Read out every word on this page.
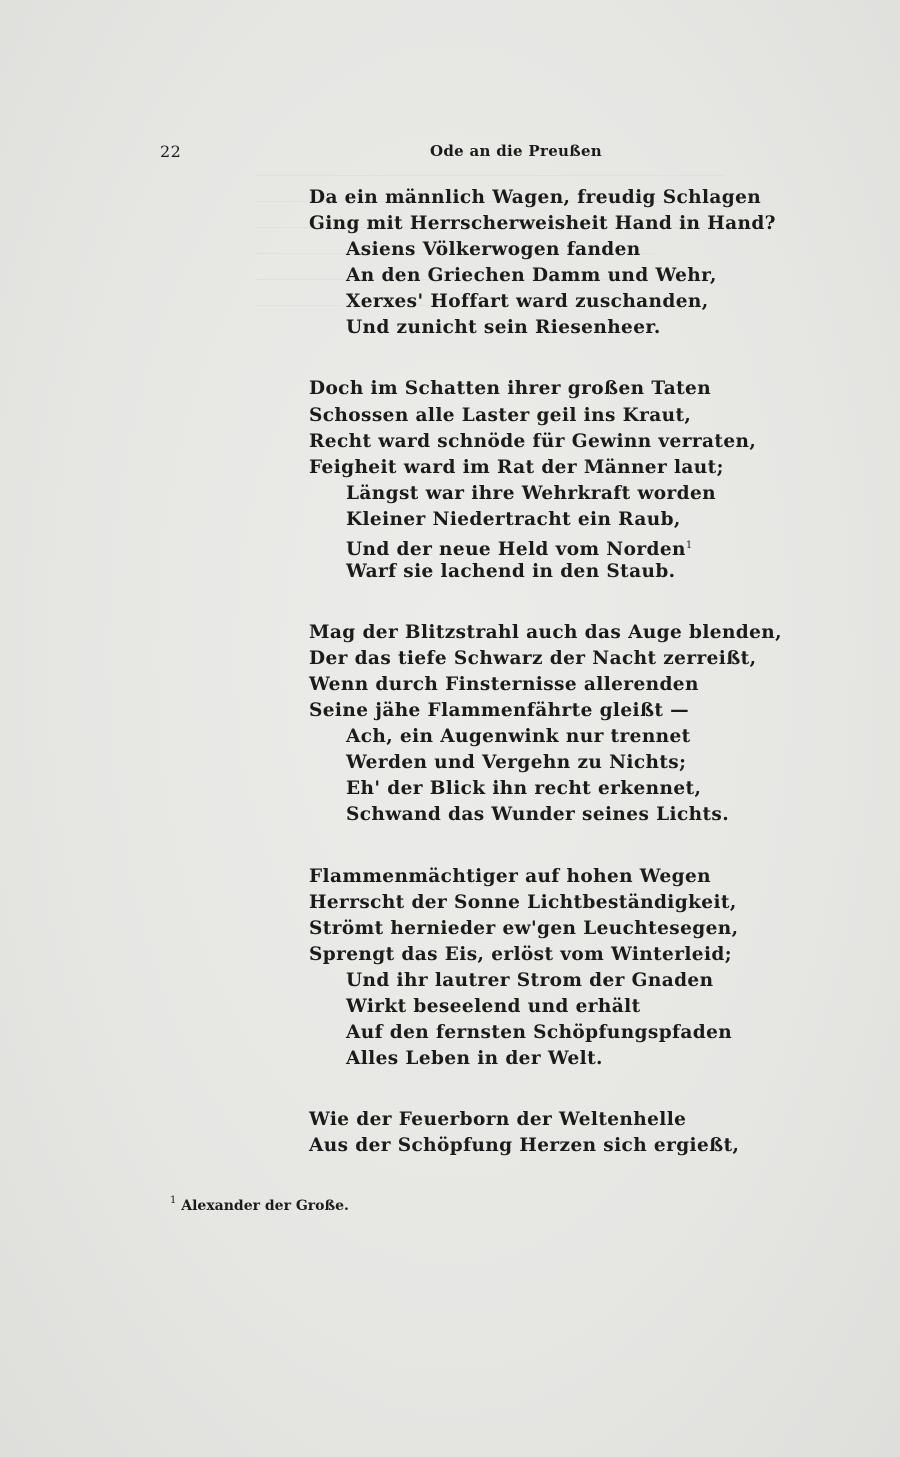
22	Ode an die Preußen
Da ein männlich Wagen, freudig Schlagen
Ging mit Herrscherweisheit Hand in Hand?
Asiens Völkerwogen fanden
An den Griechen Damm und Wehr,
Xerxes' Hoffart ward zuschanden,
Und zunicht sein Riesenheer.
Doch im Schatten ihrer großen Taten
Schossen alle Laster geil ins Kraut,
Recht ward schnöde für Gewinn verraten,
Feigheit ward im Rat der Männer laut;
Längst war ihre Wehrkraft worden
Kleiner Niedertracht ein Raub,
Und der neue Held vom Norden$^1$
Warf sie lachend in den Staub.
Mag der Blitzstrahl auch das Auge blenden,
Der das tiefe Schwarz der Nacht zerreißt,
Wenn durch Finsternisse allerenden
Seine jähe Flammenfährte gleißt —
Ach, ein Augenwink nur trennet
Werden und Vergehn zu Nichts;
Eh' der Blick ihn recht erkennet,
Schwand das Wunder seines Lichts.
Flammenmächtiger auf hohen Wegen
Herrscht der Sonne Lichtbeständigkeit,
Strömt hernieder ew'gen Leuchtesegen,
Sprengt das Eis, erlöst vom Winterleid;
Und ihr lautrer Strom der Gnaden
Wirkt beseelend und erhält
Auf den fernsten Schöpfungspfaden
Alles Leben in der Welt.
Wie der Feuerborn der Weltenhelle
Aus der Schöpfung Herzen sich ergießt,
$^1$ Alexander der Große.
